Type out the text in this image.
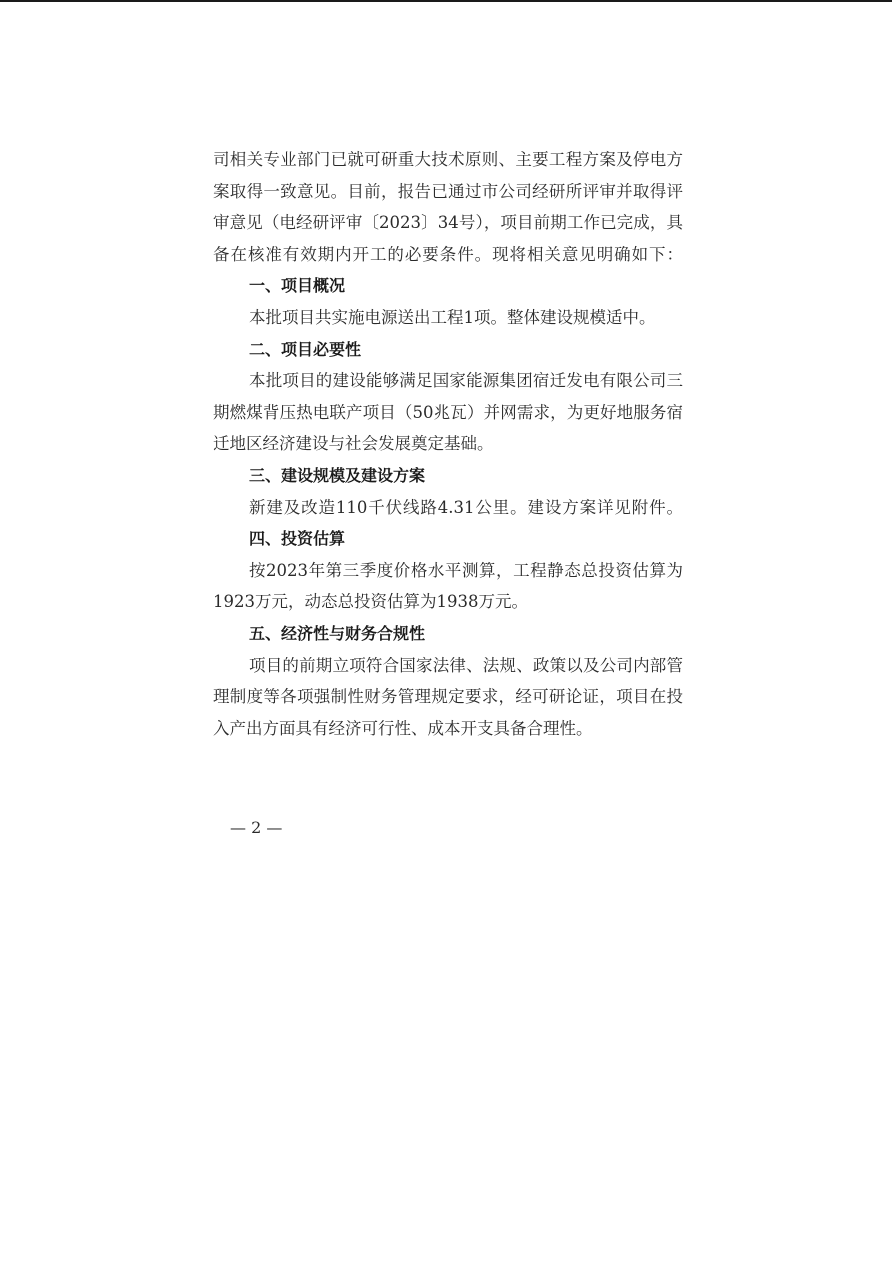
司相关专业部门已就可研重大技术原则、主要工程方案及停电方
案取得一致意见。目前，报告已通过市公司经研所评审并取得评
审意见（电经研评审〔2023〕34号），项目前期工作已完成，具
备在核准有效期内开工的必要条件。现将相关意见明确如下：
一、项目概况
本批项目共实施电源送出工程1项。整体建设规模适中。
二、项目必要性
本批项目的建设能够满足国家能源集团宿迁发电有限公司三
期燃煤背压热电联产项目（50兆瓦）并网需求，为更好地服务宿
迁地区经济建设与社会发展奠定基础。
三、建设规模及建设方案
新建及改造110千伏线路4.31公里。建设方案详见附件。
四、投资估算
按2023年第三季度价格水平测算，工程静态总投资估算为
1923万元，动态总投资估算为1938万元。
五、经济性与财务合规性
项目的前期立项符合国家法律、法规、政策以及公司内部管
理制度等各项强制性财务管理规定要求，经可研论证，项目在投
入产出方面具有经济可行性、成本开支具备合理性。
— 2 —
